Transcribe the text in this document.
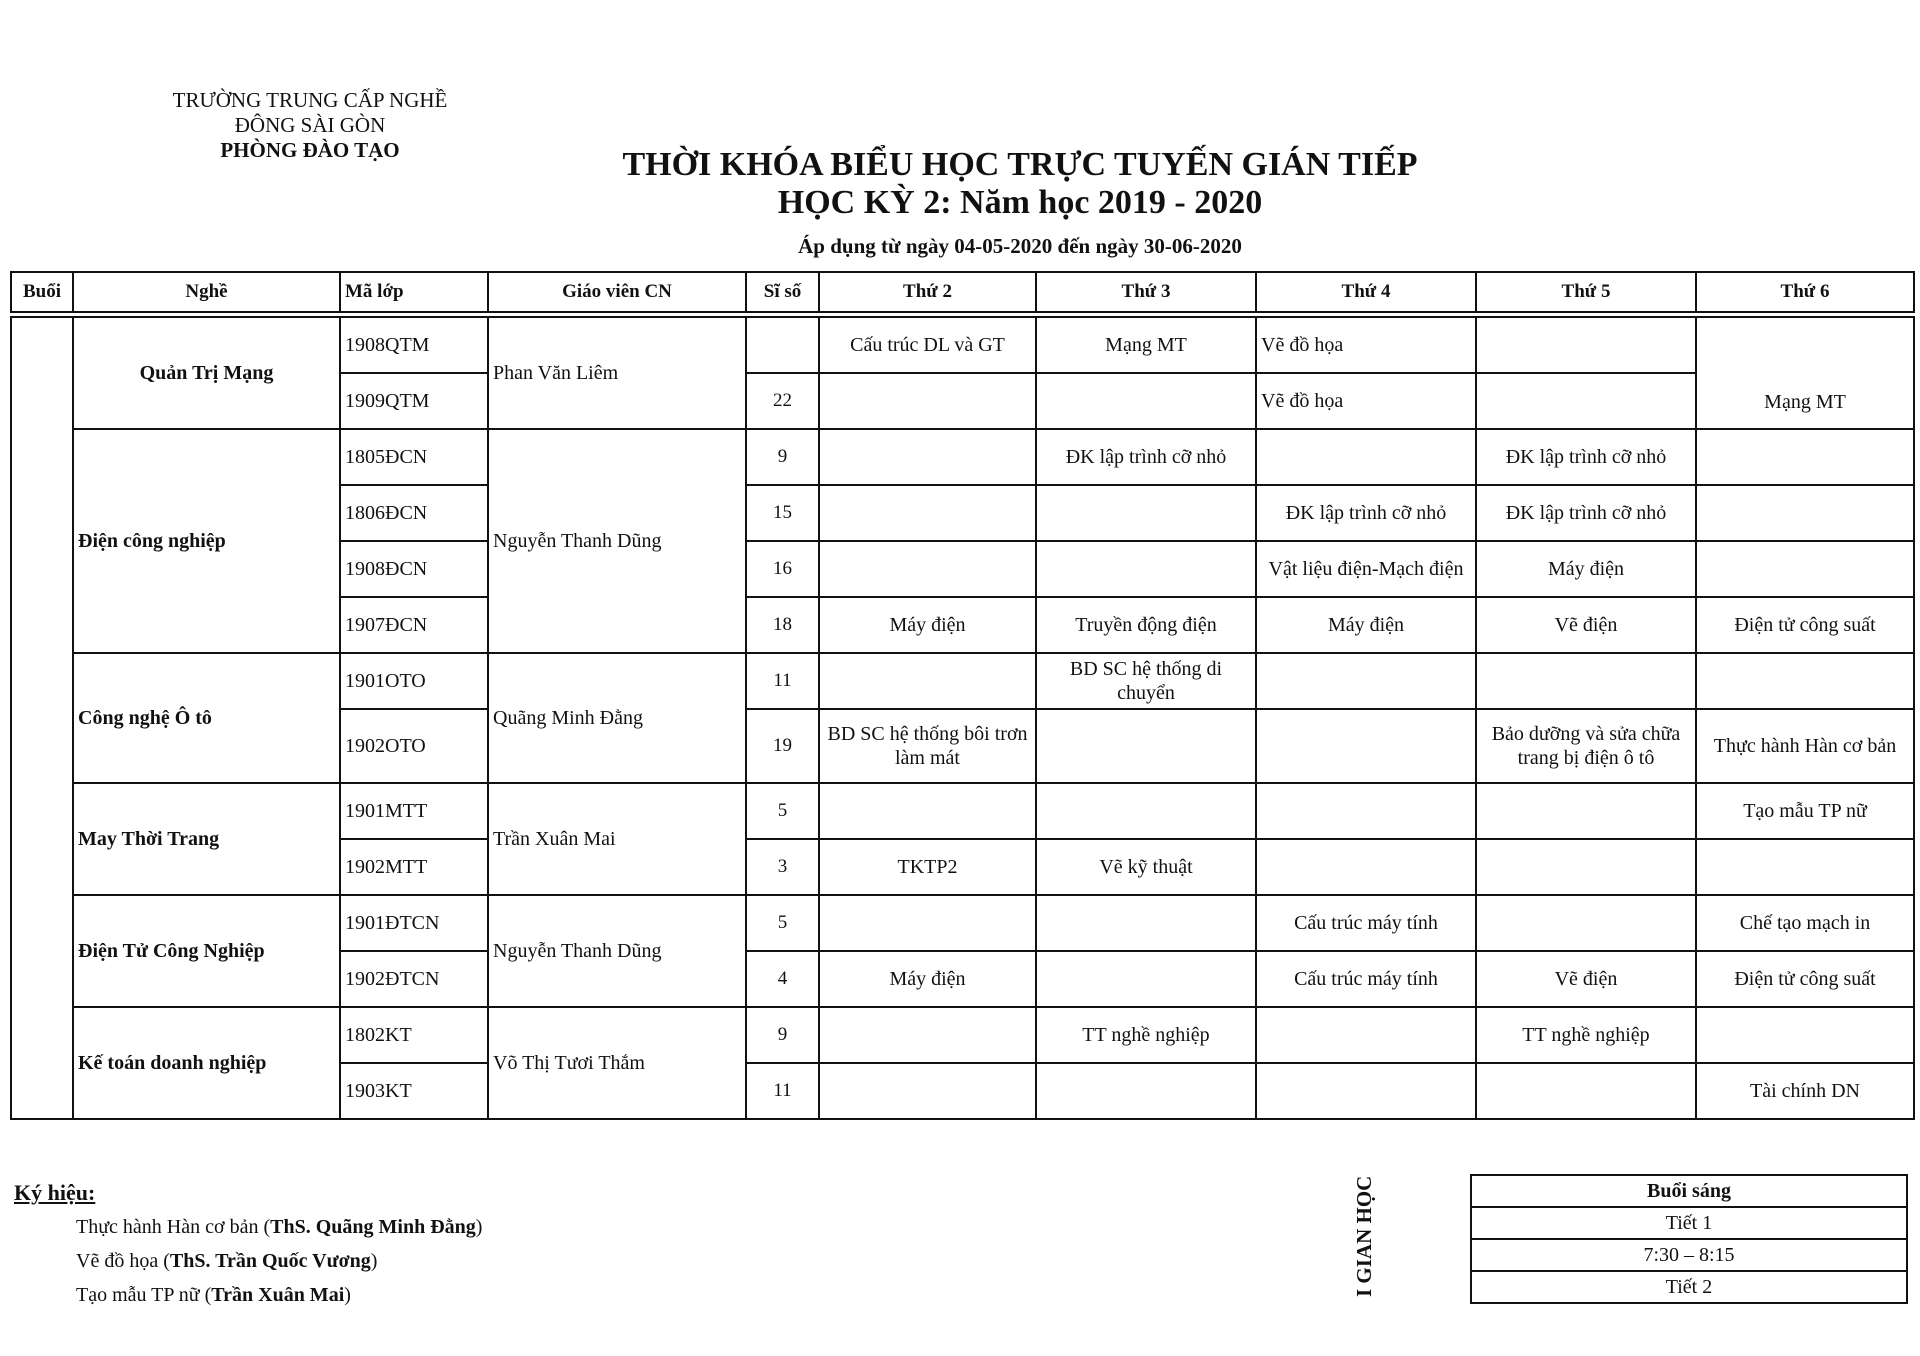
TRƯỜNG TRUNG CẤP NGHỀ ĐÔNG SÀI GÒN
PHÒNG ĐÀO TẠO	THỜI KHÓA BIỂU HỌC TRỰC TUYẾN GIÁN TIẾP
HỌC KỲ 2: Năm học 2019 - 2020
Áp dụng từ ngày 04-05-2020 đến ngày 30-06-2020
Buổi	Nghề	Mã lớp	Giáo viên CN	Sĩ số	Thứ 2	Thứ 3	Thứ 4	Thứ 5	Thứ 6

	Quản Trị Mạng	1908QTM	Phan Văn Liêm		Cấu trúc DL và GT	Mạng MT	Vẽ đồ họa		Mạng MT
		1909QTM		22			Vẽ đồ họa		
	Điện công nghiệp	1805ĐCN	Nguyễn Thanh Dũng	9		ĐK lập trình cỡ nhỏ		ĐK lập trình cỡ nhỏ	
		1806ĐCN		15			ĐK lập trình cỡ nhỏ	ĐK lập trình cỡ nhỏ	
		1908ĐCN		16			Vật liệu điện-Mạch điện	Máy điện	
		1907ĐCN		18	Máy điện	Truyền động điện	Máy điện	Vẽ điện	Điện tử công suất
	Công nghệ Ô tô	1901OTO	Quãng Minh Đằng	11		BD SC hệ thống di chuyển			
		1902OTO		19	BD SC hệ thống bôi trơn làm mát			Bảo dưỡng và sửa chữa trang bị điện ô tô	Thực hành Hàn cơ bản
	May Thời Trang	1901MTT	Trần Xuân Mai	5					Tạo mẫu TP nữ
		1902MTT		3	TKTP2	Vẽ kỹ thuật			
	Điện Tử Công Nghiệp	1901ĐTCN	Nguyễn Thanh Dũng	5			Cấu trúc máy tính		Chế tạo mạch in
		1902ĐTCN		4	Máy điện		Cấu trúc máy tính	Vẽ điện	Điện tử công suất
	Kế toán doanh nghiệp	1802KT	Võ Thị Tươi Thắm	9		TT nghề nghiệp		TT nghề nghiệp	
		1903KT		11					Tài chính DN
Ký hiệu:
Thực hành Hàn cơ bản (ThS. Quãng Minh Đằng)
Vẽ đồ họa (ThS. Trần Quốc Vương)
Tạo mẫu TP nữ (Trần Xuân Mai)	I GIAN HỌC	Buổi sáng
Tiết 1
7:30 – 8:15
Tiết 2
